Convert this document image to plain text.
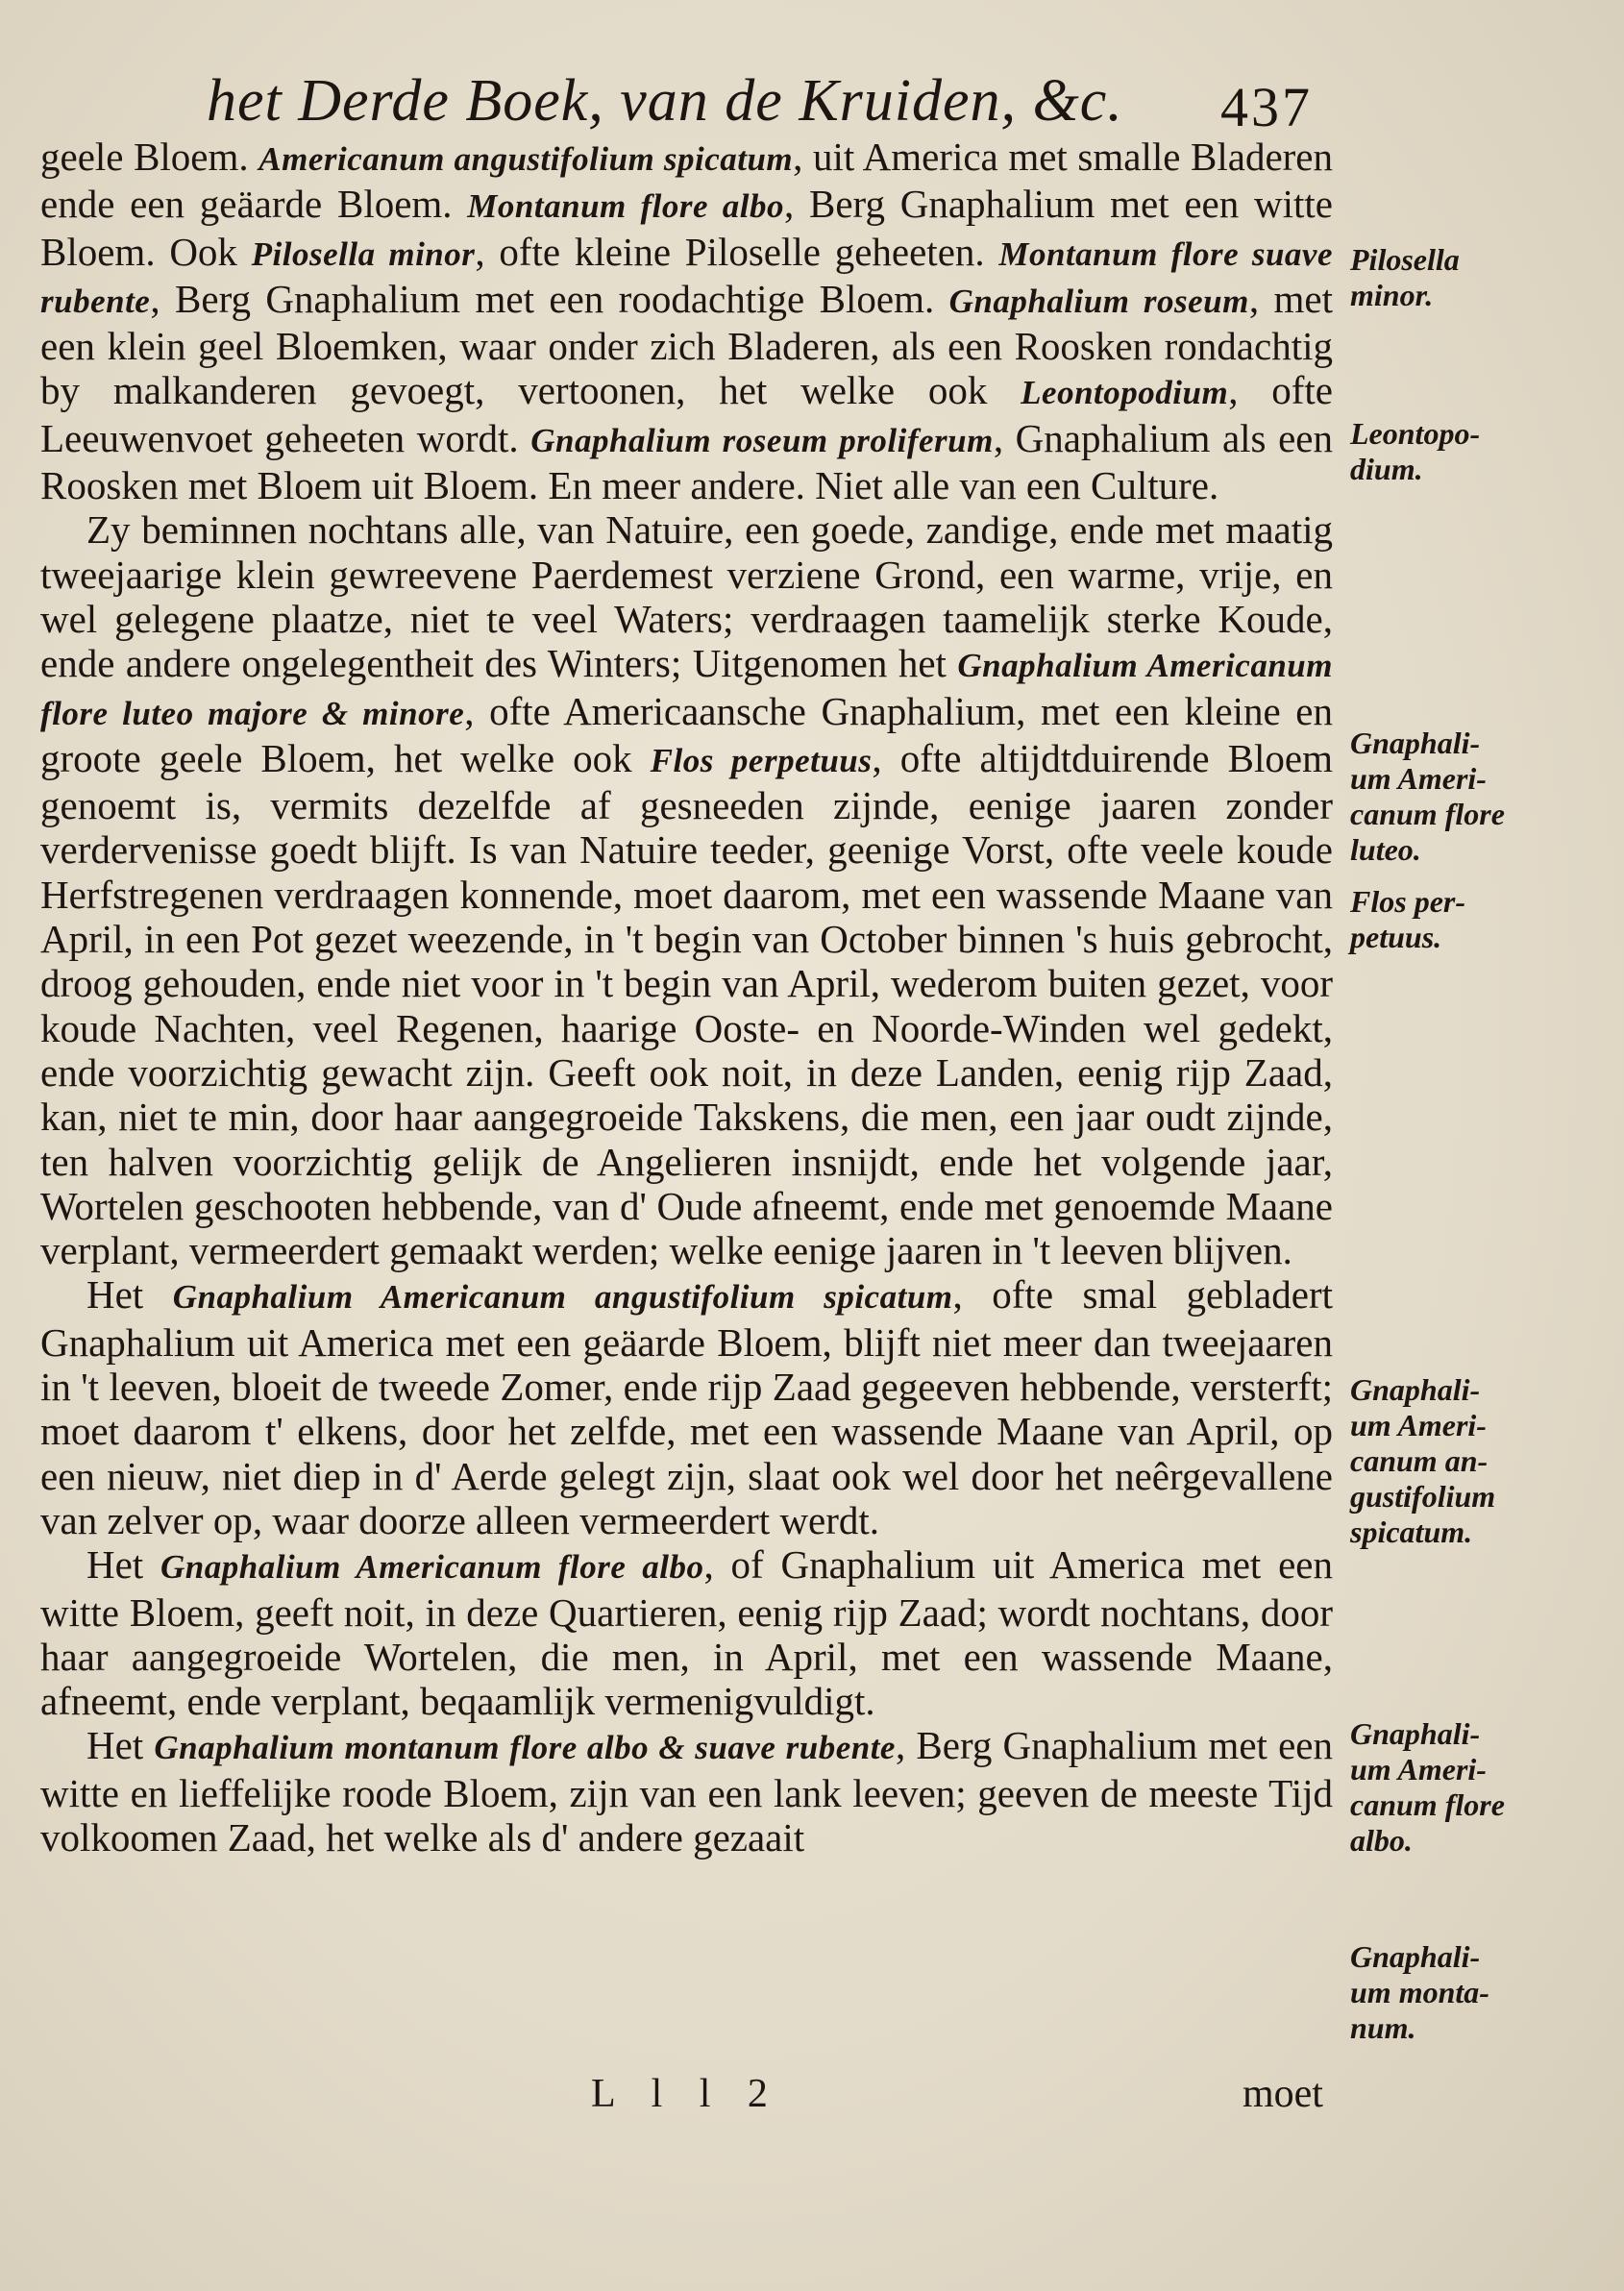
het Derde Boek, van de Kruiden, &c. 437

geele Bloem. Americanum angustifolium spicatum, uit America met smalle Bladeren ende een geäarde Bloem. Montanum flore albo, Berg Gnaphalium met een witte Bloem. Ook Pilosella minor, ofte kleine Piloselle geheeten. Montanum flore suave rubente, Berg Gnaphalium met een roodachtige Bloem. Gnaphalium roseum, met een klein geel Bloemken, waar onder zich Bladeren, als een Roosken rondachtig by malkanderen gevoegt, vertoonen, het welke ook Leontopodium, ofte Leeuwenvoet geheeten wordt. Gnaphalium roseum proliferum, Gnaphalium als een Roosken met Bloem uit Bloem. En meer andere. Niet alle van een Culture.

Zy beminnen nochtans alle, van Natuire, een goede, zandige, ende met maatig tweejaarige klein gewreevene Paerdemest verziene Grond, een warme, vrije, en wel gelegene plaatze, niet te veel Waters; verdraagen taamelijk sterke Koude, ende andere ongelegentheit des Winters; Uitgenomen het Gnaphalium Americanum flore luteo majore & minore, ofte Americaansche Gnaphalium, met een kleine en groote geele Bloem, het welke ook Flos perpetuus, ofte altijdtduirende Bloem genoemt is, vermits dezelfde af gesneeden zijnde, eenige jaaren zonder verdervenisse goedt blijft. Is van Natuire teeder, geenige Vorst, ofte veele koude Herfstregenen verdraagen konnende, moet daarom, met een wassende Maane van April, in een Pot gezet weezende, in 't begin van October binnen 's huis gebrocht, droog gehouden, ende niet voor in 't begin van April, wederom buiten gezet, voor koude Nachten, veel Regenen, haarige Ooste- en Noorde-Winden wel gedekt, ende voorzichtig gewacht zijn. Geeft ook noit, in deze Landen, eenig rijp Zaad, kan, niet te min, door haar aangegroeide Takskens, die men, een jaar oudt zijnde, ten halven voorzichtig gelijk de Angelieren insnijdt, ende het volgende jaar, Wortelen geschooten hebbende, van d' Oude afneemt, ende met genoemde Maane verplant, vermeerdert gemaakt werden; welke eenige jaaren in 't leeven blijven.

Het Gnaphalium Americanum angustifolium spicatum, ofte smal gebladert Gnaphalium uit America met een geäarde Bloem, blijft niet meer dan tweejaaren in 't leeven, bloeit de tweede Zomer, ende rijp Zaad gegeeven hebbende, versterft; moet daarom t' elkens, door het zelfde, met een wassende Maane van April, op een nieuw, niet diep in d' Aerde gelegt zijn, slaat ook wel door het neêrgevallene van zelver op, waar doorze alleen vermeerdert werdt.

Het Gnaphalium Americanum flore albo, of Gnaphalium uit America met een witte Bloem, geeft noit, in deze Quartieren, eenig rijp Zaad; wordt nochtans, door haar aangegroeide Wortelen, die men, in April, met een wassende Maane, afneemt, ende verplant, beqaamlijk vermenigvuldigt.

Het Gnaphalium montanum flore albo & suave rubente, Berg Gnaphalium met een witte en lieffelijke roode Bloem, zijn van een lank leeven; geeven de meeste Tijd volkoomen Zaad, het welke als d' andere gezaait

Pilosella
minor.
Leontopo-
dium.
Gnaphali-
um Ameri-
canum flore
luteo.
Flos per-
petuus.
Gnaphali-
um Ameri-
canum an-
gustifolium
spicatum.
Gnaphali-
um Ameri-
canum flore
albo.
Gnaphali-
um monta-
num.
L l l 2	moet
